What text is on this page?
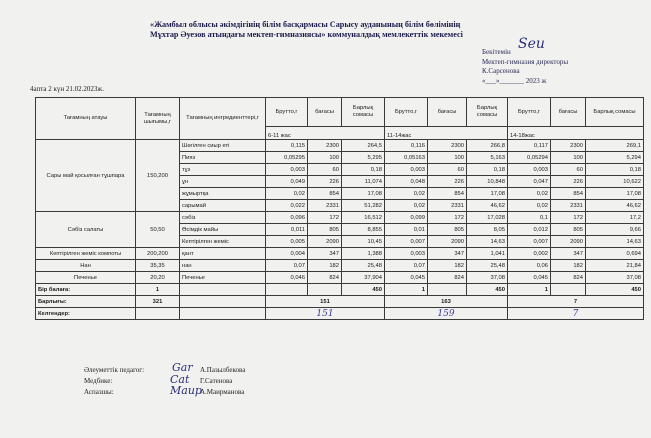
«Жамбыл облысы әкімдігінің білім басқармасы Сарысу ауданының білім бөлімінің
Мұхтар Әуезов атындағы мектеп-гимназиясы» коммуналдық мемлекеттік мекемесі
Seu
Бекітемін
Мектеп-гимназия директоры
К.Сарсенова
«___»_______ 2023 ж
4апта 2 күн 21.02.2023ж.
Тағамның атауы	Тағамның шығымы,г	Тағамның ингредиенттері,г	Брутто,г	бағасы	Барлық сомасы	Брутто,г	бағасы	Барлық сомасы	Брутто,г	бағасы	Барлық сомасы
			6-11 жас			11-14жас			14-18жас		
Сары май қосылған тұшпара	150,200	Шөгілген сиыр еті	0,115	2300	264,5	0,116	2300	266,8	0,117	2300	269,1
		Пияз	0,05295	100	5,295	0,05163	100	5,163	0,05294	100	5,294
		тұз	0,003	60	0,18	0,003	60	0,18	0,003	60	0,18
		ұн	0,049	226	11,074	0,048	226	10,848	0,047	226	10,622
		жұмыртқа	0,02	854	17,08	0,02	854	17,08	0,02	854	17,08
		сарымай	0,022	2331	51,282	0,02	2331	46,62	0,02	2331	46,62
Сәбіз салаты	50,50	сәбіз	0,096	172	16,512	0,099	172	17,028	0,1	172	17,2
		Өсімдік майы	0,011	805	8,855	0,01	805	8,05	0,012	805	9,66
		Кептірілген жеміс	0,005	2090	10,45	0,007	2090	14,63	0,007	2090	14,63
Кептірілген жеміс компоты	200,200	қант	0,004	347	1,388	0,003	347	1,041	0,002	347	0,694
Нан	35,35	нан	0,07	182	25,48	0,07	182	25,48	0,06	182	21,84
Печенье	20,20	Печенье	0,046	824	37,904	0,045	824	37,08	0,045	824	37,08
Бір балаға:	1				450	1		450	1		450
Барлығы:	321		151			163			7		
Келгендер:			151			159			7		
Әлеуметтік педагог:	А.Пазылбекова
Gar
Медбике:	Г.Сатенова
Cat
Аспазшы:	А.Маирманова
Маир
